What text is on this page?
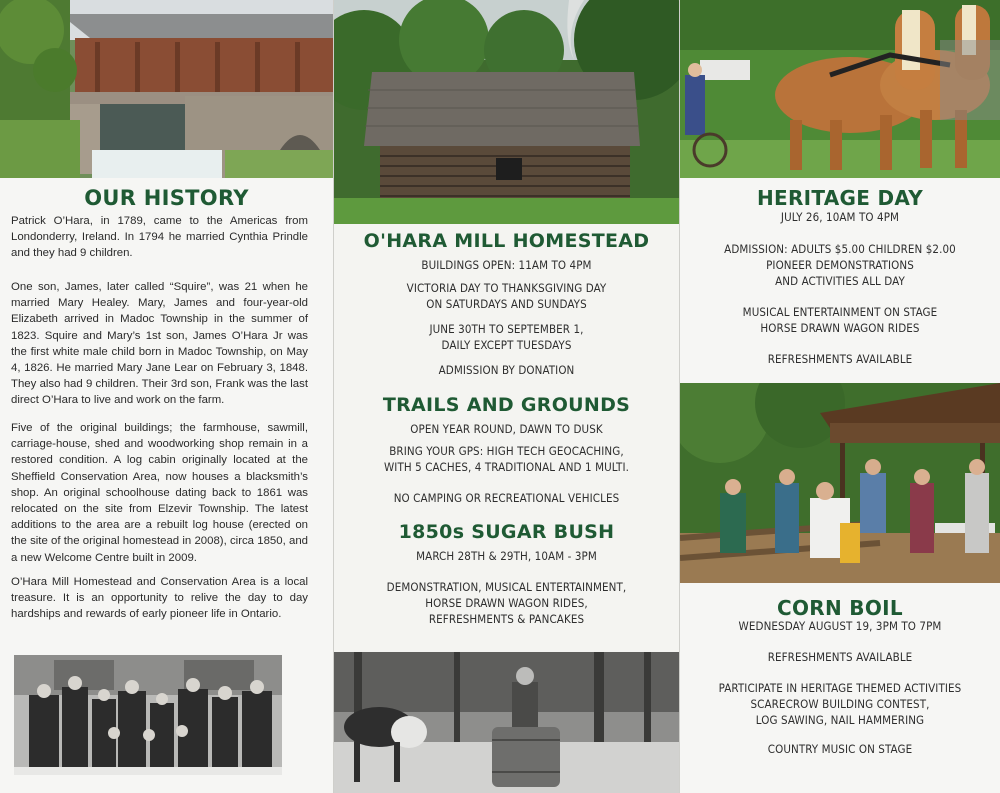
OUR HISTORY

Patrick O’Hara, in 1789, came to the Americas from Londonderry, Ireland. In 1794 he married Cynthia Prindle and they had 9 children.

One son, James, later called “Squire”, was 21 when he married Mary Healey. Mary, James and four-year-old Elizabeth arrived in Madoc Township in the summer of 1823. Squire and Mary’s 1st son, James O’Hara Jr was the first white male child born in Madoc Township, on May 4, 1826. He married Mary Jane Lear on February 3, 1848. They also had 9 children. Their 3rd son, Frank was the last direct O’Hara to live and work on the farm.

Five of the original buildings; the farmhouse, sawmill, carriage-house, shed and woodworking shop remain in a restored condition. A log cabin originally located at the Sheffield Conservation Area, now houses a blacksmith’s shop. An original schoolhouse dating back to 1861 was relocated on the site from Elzevir Township. The latest additions to the area are a rebuilt log house (erected on the site of the original homestead in 2008), circa 1850, and a new Welcome Centre built in 2009.

O’Hara Mill Homestead and Conservation Area is a local treasure. It is an opportunity to relive the day to day hardships and rewards of early pioneer life in Ontario.

O'HARA MILL HOMESTEAD
BUILDINGS OPEN: 11AM TO 4PM
VICTORIA DAY TO THANKSGIVING DAY
ON SATURDAYS AND SUNDAYS
JUNE 30TH TO SEPTEMBER 1,
DAILY EXCEPT TUESDAYS
ADMISSION BY DONATION
TRAILS AND GROUNDS
OPEN YEAR ROUND, DAWN TO DUSK
BRING YOUR GPS: HIGH TECH GEOCACHING,
WITH 5 CACHES, 4 TRADITIONAL AND 1 MULTI.
NO CAMPING OR RECREATIONAL VEHICLES
1850s SUGAR BUSH
MARCH 28TH & 29TH, 10AM - 3PM
DEMONSTRATION, MUSICAL ENTERTAINMENT,
HORSE DRAWN WAGON RIDES,
REFRESHMENTS & PANCAKES
HERITAGE DAY
JULY 26, 10AM TO 4PM
ADMISSION: ADULTS $5.00 CHILDREN $2.00
PIONEER DEMONSTRATIONS
AND ACTIVITIES ALL DAY
MUSICAL ENTERTAINMENT ON STAGE
HORSE DRAWN WAGON RIDES
REFRESHMENTS AVAILABLE
CORN BOIL
WEDNESDAY AUGUST 19, 3PM TO 7PM
REFRESHMENTS AVAILABLE
PARTICIPATE IN HERITAGE THEMED ACTIVITIES
SCARECROW BUILDING CONTEST,
LOG SAWING, NAIL HAMMERING
COUNTRY MUSIC ON STAGE
